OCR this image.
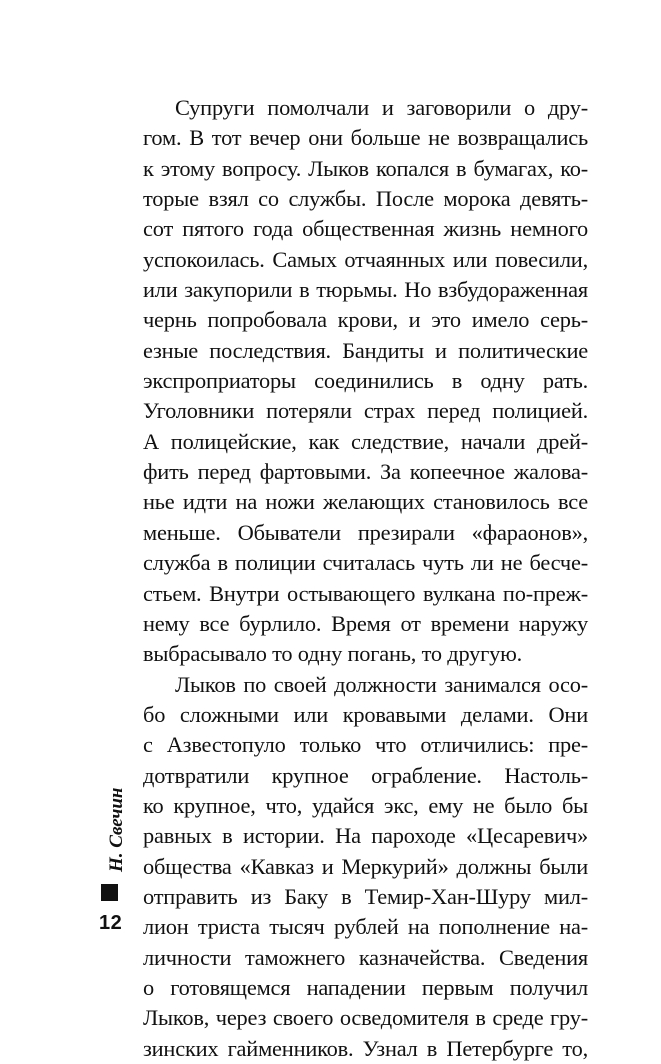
Супруги помолчали и заговорили о дру-
гом. В тот вечер они больше не возвращались
к этому вопросу. Лыков копался в бумагах, ко-
торые взял со службы. После морока девять-
сот пятого года общественная жизнь немного
успокоилась. Самых отчаянных или повесили,
или закупорили в тюрьмы. Но взбудораженная
чернь попробовала крови, и это имело серь-
езные последствия. Бандиты и политические
экспроприаторы соединились в одну рать.
Уголовники потеряли страх перед полицией.
А полицейские, как следствие, начали дрей-
фить перед фартовыми. За копеечное жалова-
нье идти на ножи желающих становилось все
меньше. Обыватели презирали «фараонов»,
служба в полиции считалась чуть ли не бесче-
стьем. Внутри остывающего вулкана по-преж-
нему все бурлило. Время от времени наружу
выбрасывало то одну погань, то другую.
Лыков по своей должности занимался осо-
бо сложными или кровавыми делами. Они
с Азвестопуло только что отличились: пре-
дотвратили крупное ограбление. Настоль-
ко крупное, что, удайся экс, ему не было бы
равных в истории. На пароходе «Цесаревич»
общества «Кавказ и Меркурий» должны были
отправить из Баку в Темир-Хан-Шуру мил-
лион триста тысяч рублей на пополнение на-
личности таможнего казначейства. Сведения
о готовящемся нападении первым получил
Лыков, через своего осведомителя в среде гру-
зинских гайменников. Узнал в Петербурге то,
Н. Свечин
12
